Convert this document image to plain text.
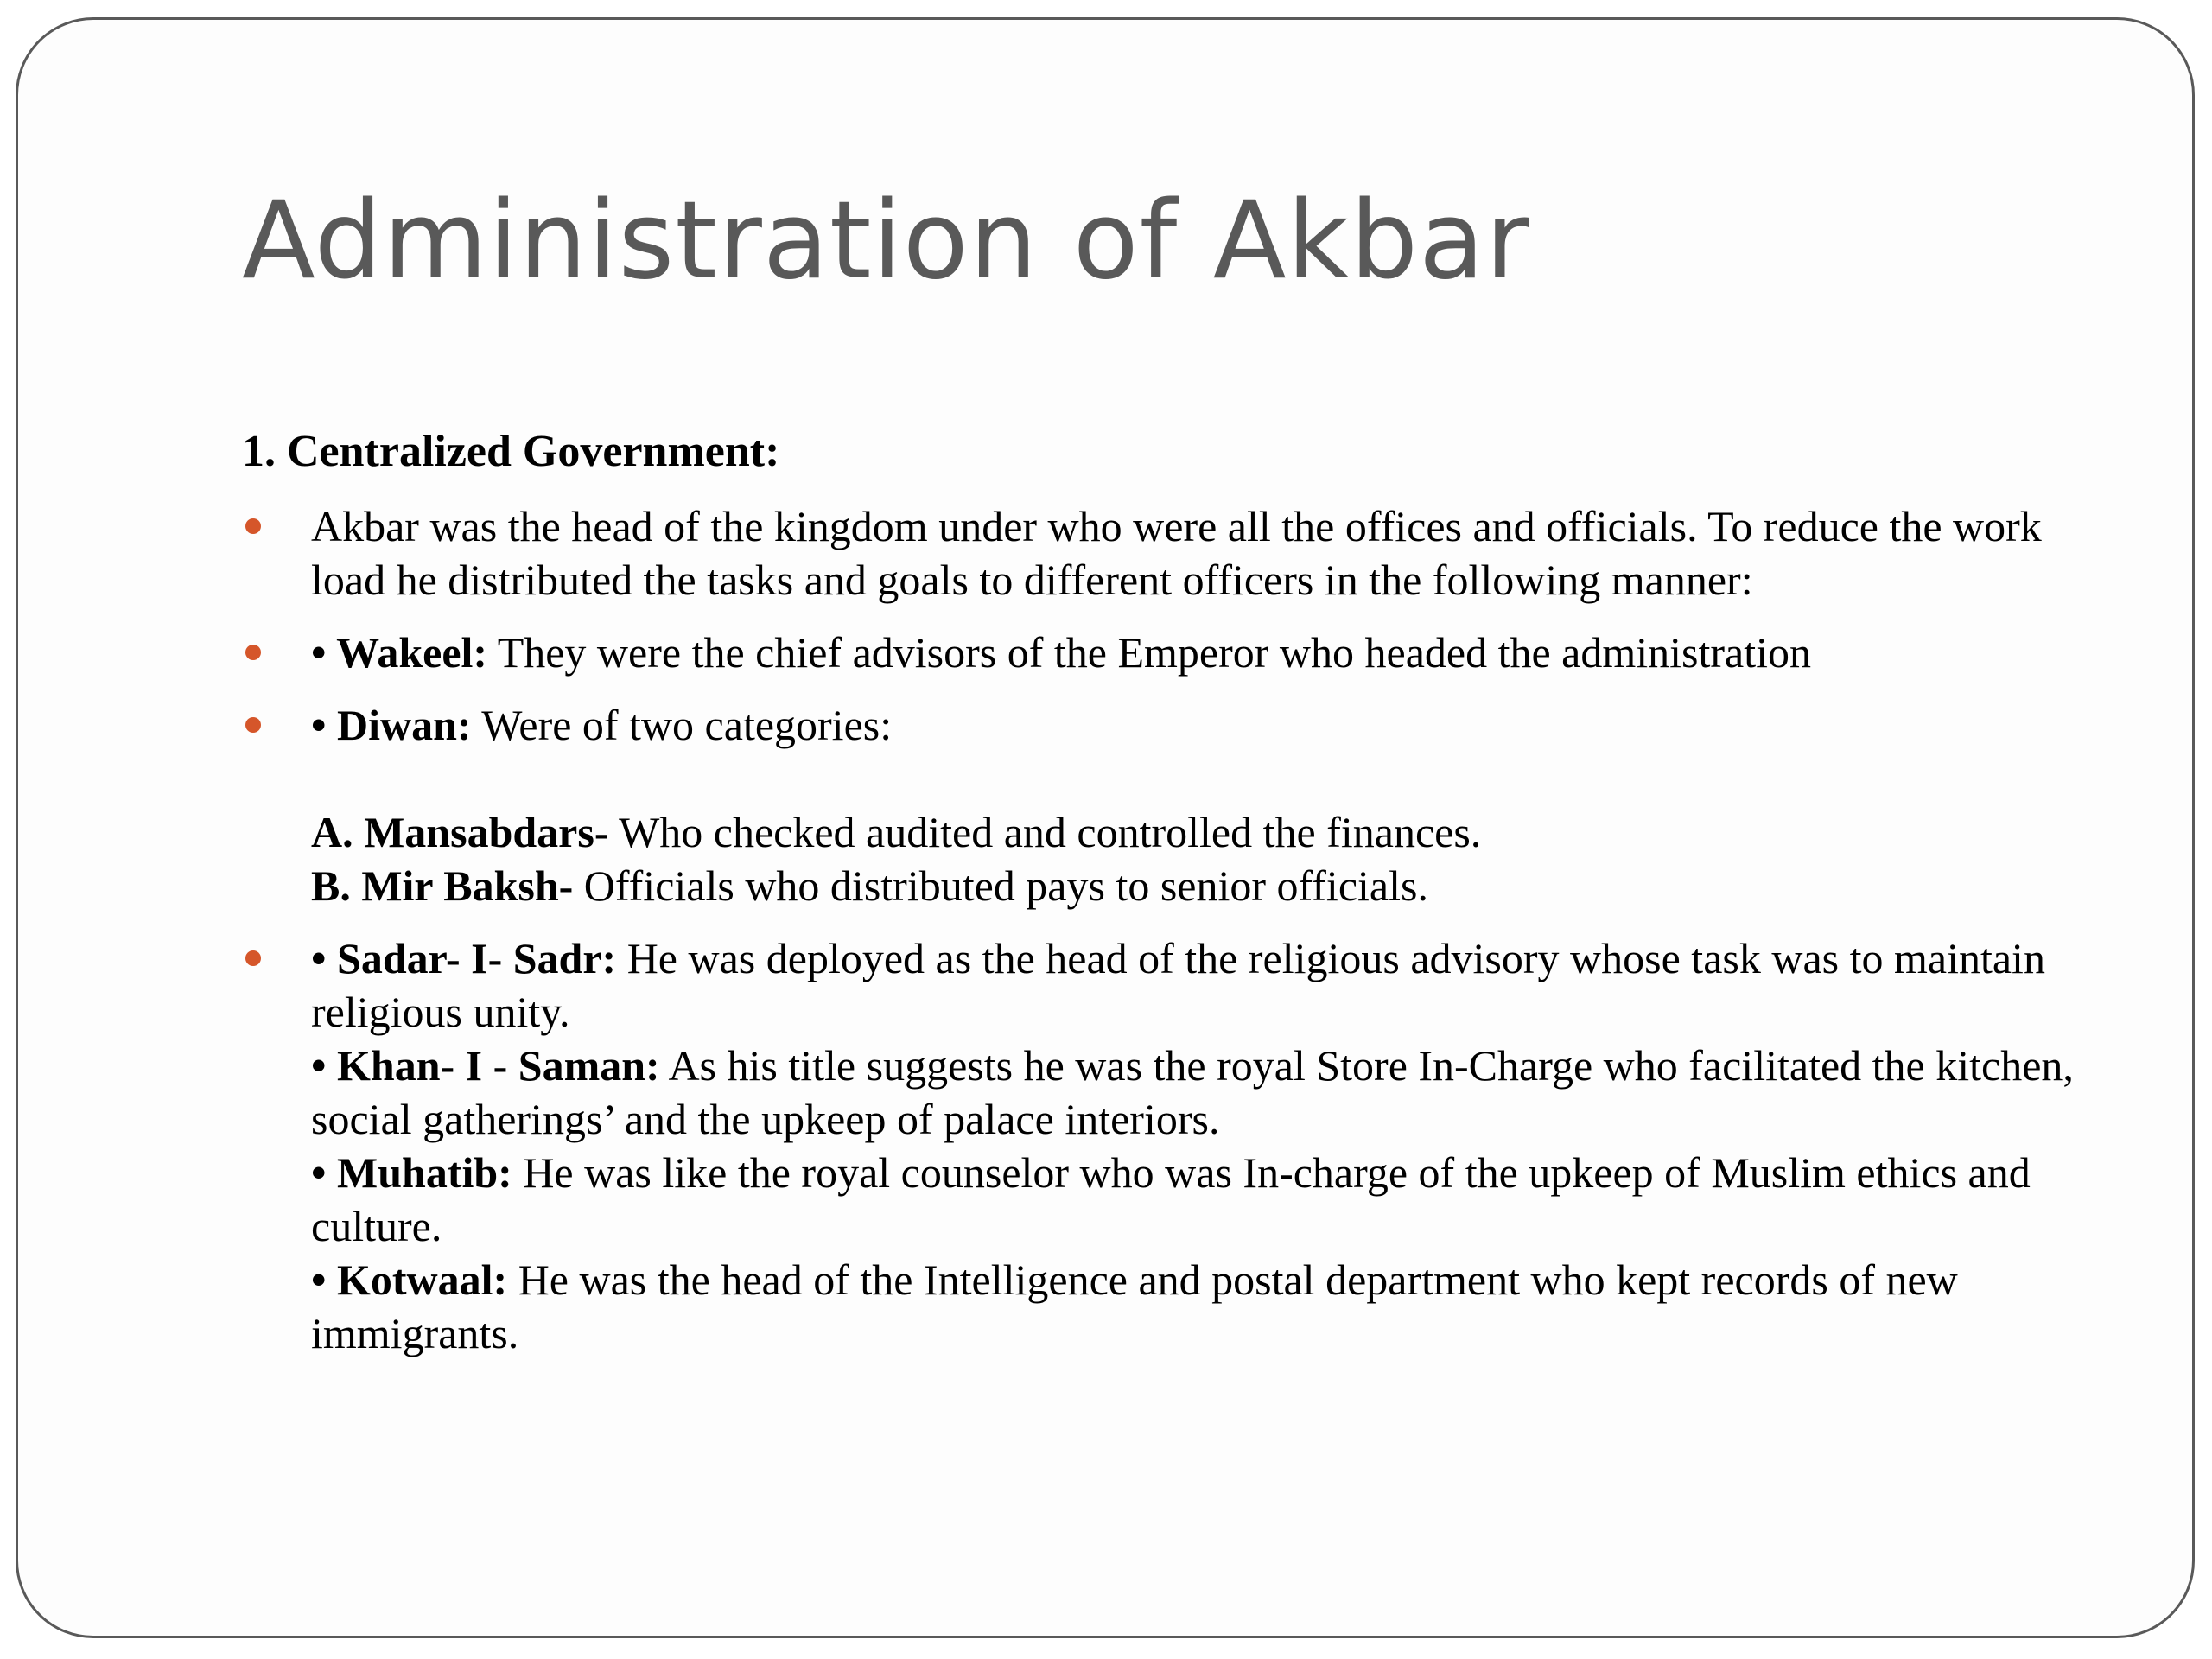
Administration of Akbar

1. Centralized Government:

Akbar was the head of the kingdom under who were all the offices and officials. To reduce the work load he distributed the tasks and goals to different officers in the following manner:
• Wakeel: They were the chief advisors of the Emperor who headed the administration
• Diwan: Were of two categories:
A. Mansabdars- Who checked audited and controlled the finances.
B. Mir Baksh- Officials who distributed pays to senior officials.
• Sadar- I- Sadr: He was deployed as the head of the religious advisory whose task was to maintain religious unity.
• Khan- I - Saman: As his title suggests he was the royal Store In-Charge who facilitated the kitchen, social gatherings’ and the upkeep of palace interiors.
• Muhatib: He was like the royal counselor who was In-charge of the upkeep of Muslim ethics and culture.
• Kotwaal: He was the head of the Intelligence and postal department who kept records of new immigrants.
